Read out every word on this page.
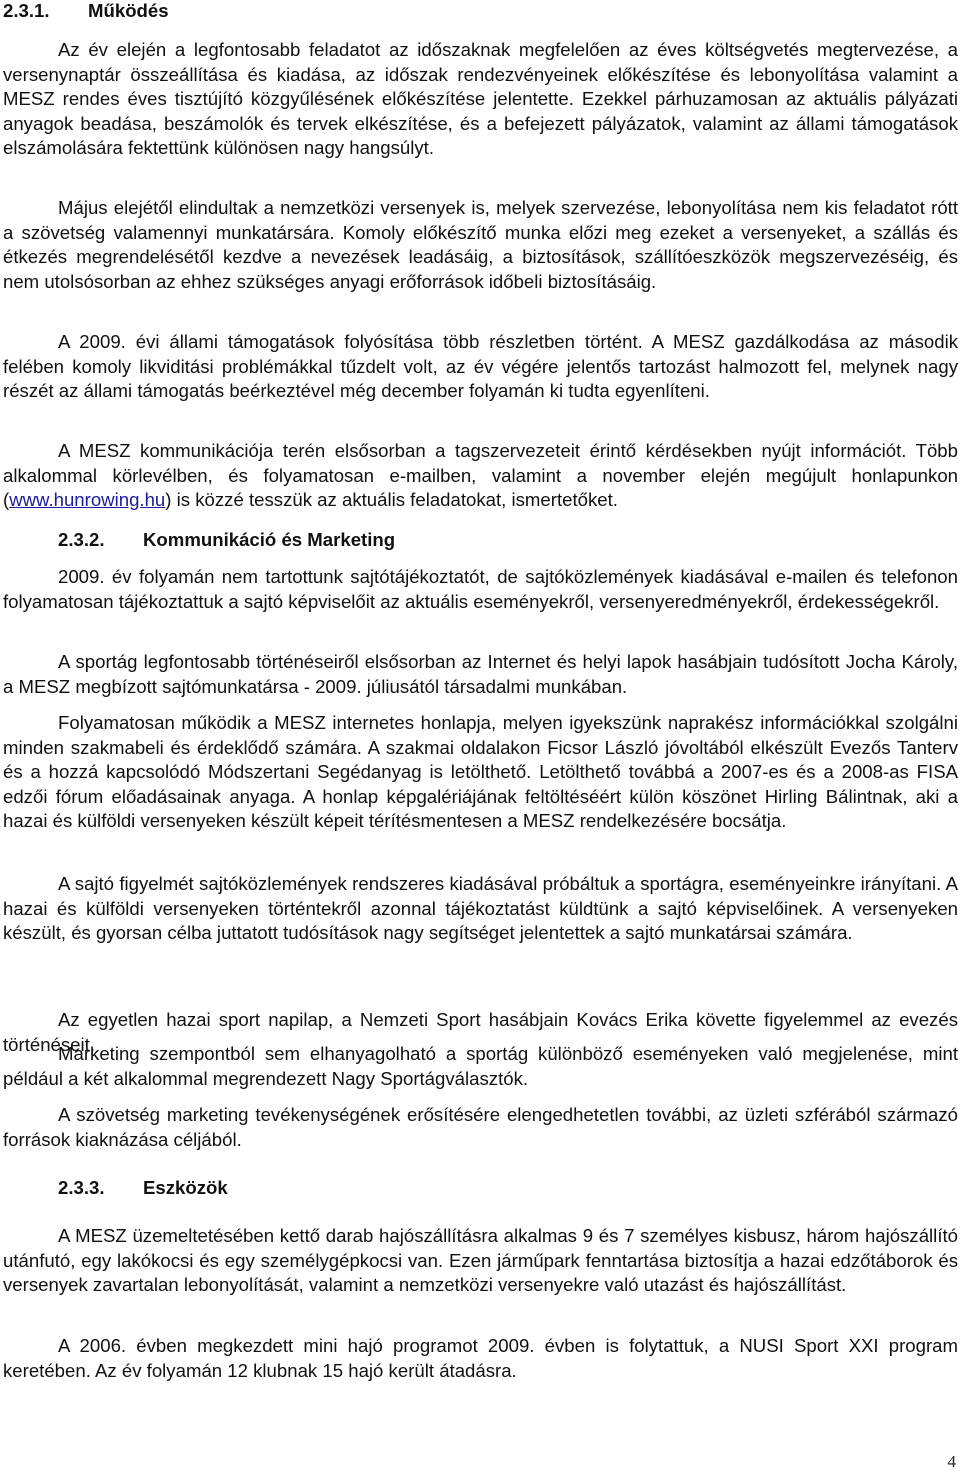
2.3.1. Működés

Az év elején a legfontosabb feladatot az időszaknak megfelelően az éves költségvetés megtervezése, a versenynaptár összeállítása és kiadása, az időszak rendezvényeinek előkészítése és lebonyolítása valamint a MESZ rendes éves tisztújító közgyűlésének előkészítése jelentette. Ezekkel párhuzamosan az aktuális pályázati anyagok beadása, beszámolók és tervek elkészítése, és a befejezett pályázatok, valamint az állami támogatások elszámolására fektettünk különösen nagy hangsúlyt.

Május elejétől elindultak a nemzetközi versenyek is, melyek szervezése, lebonyolítása nem kis feladatot rótt a szövetség valamennyi munkatársára. Komoly előkészítő munka előzi meg ezeket a versenyeket, a szállás és étkezés megrendelésétől kezdve a nevezések leadásáig, a biztosítások, szállítóeszközök megszervezéséig, és nem utolsósorban az ehhez szükséges anyagi erőforrások időbeli biztosításáig.

A 2009. évi állami támogatások folyósítása több részletben történt. A MESZ gazdálkodása az második felében komoly likviditási problémákkal tűzdelt volt, az év végére jelentős tartozást halmozott fel, melynek nagy részét az állami támogatás beérkeztével még december folyamán ki tudta egyenlíteni.

A MESZ kommunikációja terén elsősorban a tagszervezeteit érintő kérdésekben nyújt információt. Több alkalommal körlevélben, és folyamatosan e-mailben, valamint a november elején megújult honlapunkon (www.hunrowing.hu) is közzé tesszük az aktuális feladatokat, ismertetőket.

2.3.2. Kommunikáció és Marketing

2009. év folyamán nem tartottunk sajtótájékoztatót, de sajtóközlemények kiadásával e-mailen és telefonon folyamatosan tájékoztattuk a sajtó képviselőit az aktuális eseményekről, versenyeredményekről, érdekességekről.

A sportág legfontosabb történéseiről elsősorban az Internet és helyi lapok hasábjain tudósított Jocha Károly, a MESZ megbízott sajtómunkatársa - 2009. júliusától társadalmi munkában.

Folyamatosan működik a MESZ internetes honlapja, melyen igyekszünk naprakész információkkal szolgálni minden szakmabeli és érdeklődő számára. A szakmai oldalakon Ficsor László jóvoltából elkészült Evezős Tanterv és a hozzá kapcsolódó Módszertani Segédanyag is letölthető. Letölthető továbbá a 2007-es és a 2008-as FISA edzői fórum előadásainak anyaga. A honlap képgalériájának feltöltéséért külön köszönet Hirling Bálintnak, aki a hazai és külföldi versenyeken készült képeit térítésmentesen a MESZ rendelkezésére bocsátja.

A sajtó figyelmét sajtóközlemények rendszeres kiadásával próbáltuk a sportágra, eseményeinkre irányítani. A hazai és külföldi versenyeken történtekről azonnal tájékoztatást küldtünk a sajtó képviselőinek. A versenyeken készült, és gyorsan célba juttatott tudósítások nagy segítséget jelentettek a sajtó munkatársai számára.

Az egyetlen hazai sport napilap, a Nemzeti Sport hasábjain Kovács Erika követte figyelemmel az evezés történéseit.

Marketing szempontból sem elhanyagolható a sportág különböző eseményeken való megjelenése, mint például a két alkalommal megrendezett Nagy Sportágválasztók.

A szövetség marketing tevékenységének erősítésére elengedhetetlen további, az üzleti szférából származó források kiaknázása céljából.

2.3.3. Eszközök

A MESZ üzemeltetésében kettő darab hajószállításra alkalmas 9 és 7 személyes kisbusz, három hajószállító utánfutó, egy lakókocsi és egy személygépkocsi van. Ezen járműpark fenntartása biztosítja a hazai edzőtáborok és versenyek zavartalan lebonyolítását, valamint a nemzetközi versenyekre való utazást és hajószállítást.

A 2006. évben megkezdett mini hajó programot 2009. évben is folytattuk, a NUSI Sport XXI program keretében. Az év folyamán 12 klubnak 15 hajó került átadásra.

4
